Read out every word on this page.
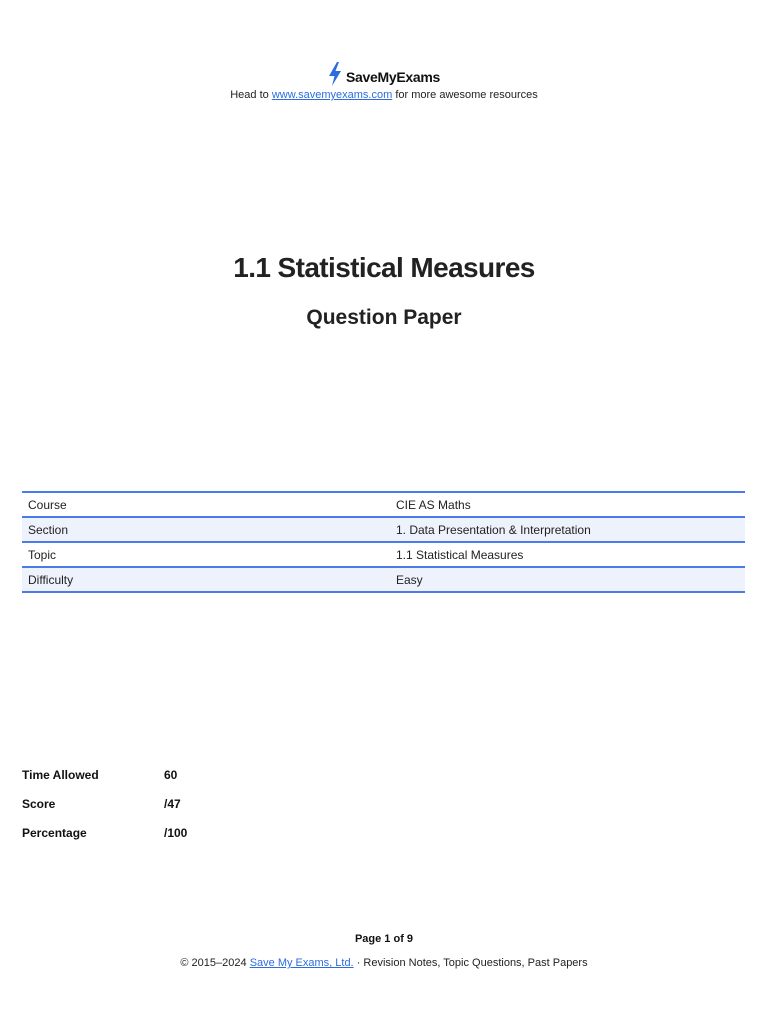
SaveMyExams
Head to www.savemyexams.com for more awesome resources
1.1 Statistical Measures
Question Paper
Course	CIE AS Maths
Section	1. Data Presentation & Interpretation
Topic	1.1 Statistical Measures
Difficulty	Easy
Time Allowed	60
Score	/47
Percentage	/100
Page 1 of 9
© 2015–2024 Save My Exams, Ltd. · Revision Notes, Topic Questions, Past Papers
